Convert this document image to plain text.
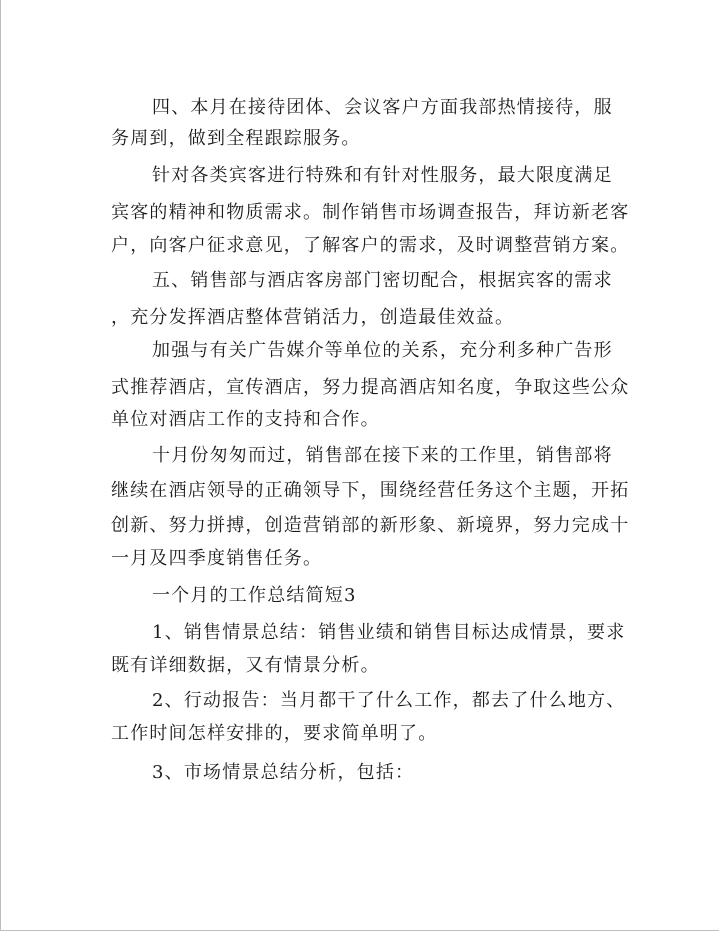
四、本月在接待团体、会议客户方面我部热情接待，服
务周到，做到全程跟踪服务。
针对各类宾客进行特殊和有针对性服务，最大限度满足
宾客的精神和物质需求。制作销售市场调查报告，拜访新老客
户，向客户征求意见，了解客户的需求，及时调整营销方案。
五、销售部与酒店客房部门密切配合，根据宾客的需求
，充分发挥酒店整体营销活力，创造最佳效益。
加强与有关广告媒介等单位的关系，充分利多种广告形
式推荐酒店，宣传酒店，努力提高酒店知名度，争取这些公众
单位对酒店工作的支持和合作。
十月份匆匆而过，销售部在接下来的工作里，销售部将
继续在酒店领导的正确领导下，围绕经营任务这个主题，开拓
创新、努力拼搏，创造营销部的新形象、新境界，努力完成十
一月及四季度销售任务。
一个月的工作总结简短3
1、销售情景总结：销售业绩和销售目标达成情景，要求
既有详细数据，又有情景分析。
2、行动报告：当月都干了什么工作，都去了什么地方、
工作时间怎样安排的，要求简单明了。
3、市场情景总结分析，包括：
